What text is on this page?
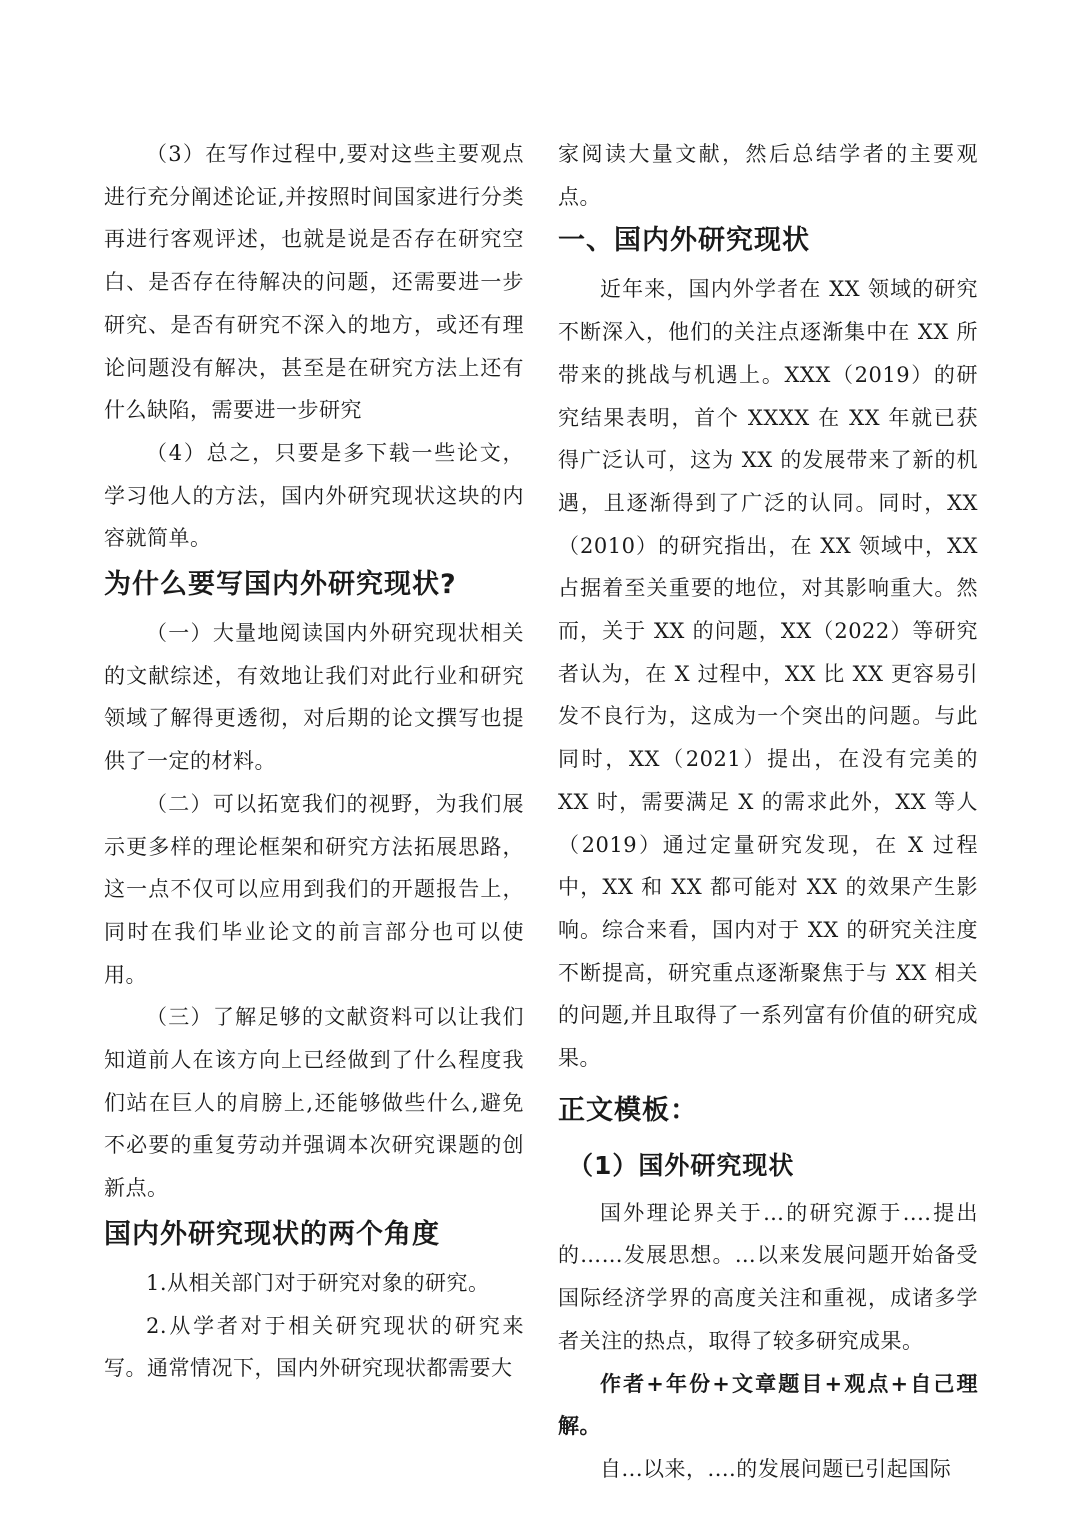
（3）在写作过程中,要对这些主要观点进行充分阐述论证,并按照时间国家进行分类再进行客观评述，也就是说是否存在研究空白、是否存在待解决的问题，还需要进一步研究、是否有研究不深入的地方，或还有理论问题没有解决，甚至是在研究方法上还有什么缺陷，需要进一步研究

（4）总之，只要是多下载一些论文，学习他人的方法，国内外研究现状这块的内容就简单。

为什么要写国内外研究现状?

（一）大量地阅读国内外研究现状相关的文献综述，有效地让我们对此行业和研究领域了解得更透彻，对后期的论文撰写也提供了一定的材料。

（二）可以拓宽我们的视野，为我们展示更多样的理论框架和研究方法拓展思路，这一点不仅可以应用到我们的开题报告上，同时在我们毕业论文的前言部分也可以使用。

（三）了解足够的文献资料可以让我们知道前人在该方向上已经做到了什么程度我们站在巨人的肩膀上,还能够做些什么,避免不必要的重复劳动并强调本次研究课题的创新点。

国内外研究现状的两个角度

1.从相关部门对于研究对象的研究。

2.从学者对于相关研究现状的研究来写。通常情况下，国内外研究现状都需要大

家阅读大量文献，然后总结学者的主要观点。

一、国内外研究现状

近年来，国内外学者在 XX 领域的研究不断深入，他们的关注点逐渐集中在 XX 所带来的挑战与机遇上。XXX（2019）的研究结果表明，首个 XXXX 在 XX 年就已获得广泛认可，这为 XX 的发展带来了新的机遇，且逐渐得到了广泛的认同。同时，XX（2010）的研究指出，在 XX 领域中，XX 占据着至关重要的地位，对其影响重大。然而，关于 XX 的问题，XX（2022）等研究者认为，在 X 过程中，XX 比 XX 更容易引发不良行为，这成为一个突出的问题。与此同时，XX（2021）提出，在没有完美的 XX 时，需要满足 X 的需求此外，XX 等人（2019）通过定量研究发现，在 X 过程中，XX 和 XX 都可能对 XX 的效果产生影响。综合来看，国内对于 XX 的研究关注度不断提高，研究重点逐渐聚焦于与 XX 相关的问题,并且取得了一系列富有价值的研究成果。

正文模板：
（1）国外研究现状

国外理论界关于…的研究源于....提出的……发展思想。…以来发展问题开始备受国际经济学界的高度关注和重视，成诸多学者关注的热点，取得了较多研究成果。

作者+年份+文章题目+观点+自己理解。

自...以来，....的发展问题已引起国际
